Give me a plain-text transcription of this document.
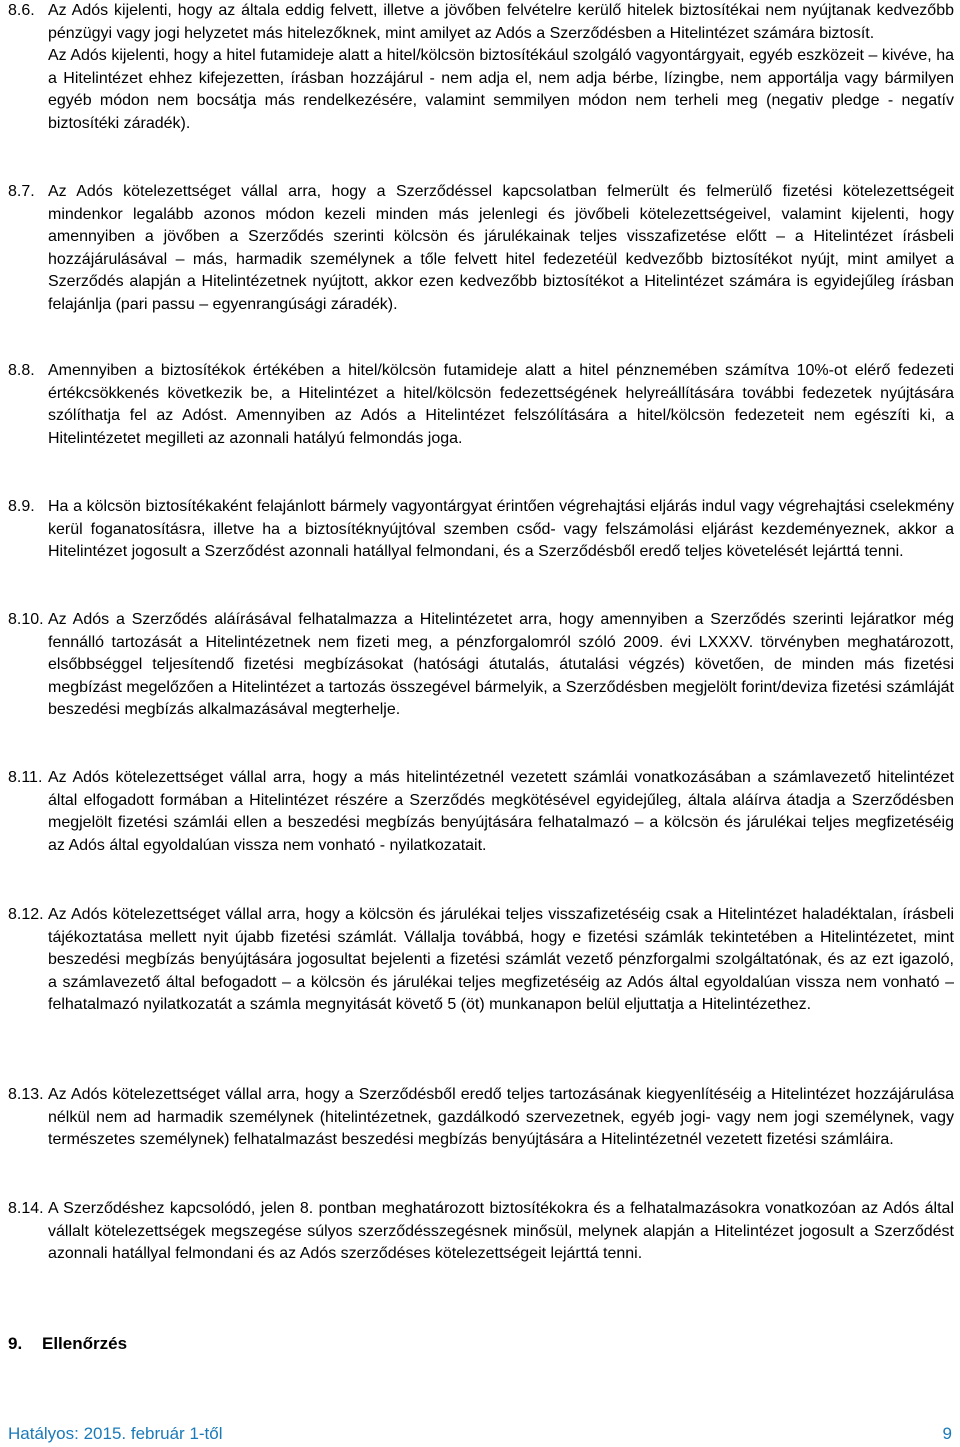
8.6. Az Adós kijelenti, hogy az általa eddig felvett, illetve a jövőben felvételre kerülő hitelek biztosítékai nem nyújtanak kedvezőbb pénzügyi vagy jogi helyzetet más hitelezőknek, mint amilyet az Adós a Szerződésben a Hitelintézet számára biztosít.
Az Adós kijelenti, hogy a hitel futamideje alatt a hitel/kölcsön biztosítékául szolgáló vagyontárgyait, egyéb eszközeit – kivéve, ha a Hitelintézet ehhez kifejezetten, írásban hozzájárul - nem adja el, nem adja bérbe, lízingbe, nem apportálja vagy bármilyen egyéb módon nem bocsátja más rendelkezésére, valamint semmilyen módon nem terheli meg (negativ pledge - negatív biztosítéki záradék).
8.7. Az Adós kötelezettséget vállal arra, hogy a Szerződéssel kapcsolatban felmerült és felmerülő fizetési kötelezettségeit mindenkor legalább azonos módon kezeli minden más jelenlegi és jövőbeli kötelezettségeivel, valamint kijelenti, hogy amennyiben a jövőben a Szerződés szerinti kölcsön és járulékainak teljes visszafizetése előtt – a Hitelintézet írásbeli hozzájárulásával – más, harmadik személynek a tőle felvett hitel fedezetéül kedvezőbb biztosítékot nyújt, mint amilyet a Szerződés alapján a Hitelintézetnek nyújtott, akkor ezen kedvezőbb biztosítékot a Hitelintézet számára is egyidejűleg írásban felajánlja (pari passu – egyenrangúsági záradék).
8.8. Amennyiben a biztosítékok értékében a hitel/kölcsön futamideje alatt a hitel pénznemében számítva 10%-ot elérő fedezeti értékcsökkenés következik be, a Hitelintézet a hitel/kölcsön fedezettségének helyreállítására további fedezetek nyújtására szólíthatja fel az Adóst. Amennyiben az Adós a Hitelintézet felszólítására a hitel/kölcsön fedezeteit nem egészíti ki, a Hitelintézetet megilleti az azonnali hatályú felmondás joga.
8.9. Ha a kölcsön biztosítékaként felajánlott bármely vagyontárgyat érintően végrehajtási eljárás indul vagy végrehajtási cselekmény kerül foganatosításra, illetve ha a biztosítéknyújtóval szemben csőd- vagy felszámolási eljárást kezdeményeznek, akkor a Hitelintézet jogosult a Szerződést azonnali hatállyal felmondani, és a Szerződésből eredő teljes követelését lejárttá tenni.
8.10. Az Adós a Szerződés aláírásával felhatalmazza a Hitelintézetet arra, hogy amennyiben a Szerződés szerinti lejáratkor még fennálló tartozását a Hitelintézetnek nem fizeti meg, a pénzforgalomról szóló 2009. évi LXXXV. törvényben meghatározott, elsőbbséggel teljesítendő fizetési megbízásokat (hatósági átutalás, átutalási végzés) követően, de minden más fizetési megbízást megelőzően a Hitelintézet a tartozás összegével bármelyik, a Szerződésben megjelölt forint/deviza fizetési számláját beszedési megbízás alkalmazásával megterhelje.
8.11. Az Adós kötelezettséget vállal arra, hogy a más hitelintézetnél vezetett számlái vonatkozásában a számlavezető hitelintézet által elfogadott formában a Hitelintézet részére a Szerződés megkötésével egyidejűleg, általa aláírva átadja a Szerződésben megjelölt fizetési számlái ellen a beszedési megbízás benyújtására felhatalmazó – a kölcsön és járulékai teljes megfizetéséig az Adós által egyoldalúan vissza nem vonható - nyilatkozatait.
8.12. Az Adós kötelezettséget vállal arra, hogy a kölcsön és járulékai teljes visszafizetéséig csak a Hitelintézet haladéktalan, írásbeli tájékoztatása mellett nyit újabb fizetési számlát. Vállalja továbbá, hogy e fizetési számlák tekintetében a Hitelintézetet, mint beszedési megbízás benyújtására jogosultat bejelenti a fizetési számlát vezető pénzforgalmi szolgáltatónak, és az ezt igazoló, a számlavezető által befogadott – a kölcsön és járulékai teljes megfizetéséig az Adós által egyoldalúan vissza nem vonható – felhatalmazó nyilatkozatát a számla megnyitását követő 5 (öt) munkanapon belül eljuttatja a Hitelintézethez.
8.13. Az Adós kötelezettséget vállal arra, hogy a Szerződésből eredő teljes tartozásának kiegyenlítéséig a Hitelintézet hozzájárulása nélkül nem ad harmadik személynek (hitelintézetnek, gazdálkodó szervezetnek, egyéb jogi- vagy nem jogi személynek, vagy természetes személynek) felhatalmazást beszedési megbízás benyújtására a Hitelintézetnél vezetett fizetési számláira.
8.14. A Szerződéshez kapcsolódó, jelen 8. pontban meghatározott biztosítékokra és a felhatalmazásokra vonatkozóan az Adós által vállalt kötelezettségek megszegése súlyos szerződésszegésnek minősül, melynek alapján a Hitelintézet jogosult a Szerződést azonnali hatállyal felmondani és az Adós szerződéses kötelezettségeit lejárttá tenni.
9. Ellenőrzés
Hatályos: 2015. február 1-től	9
